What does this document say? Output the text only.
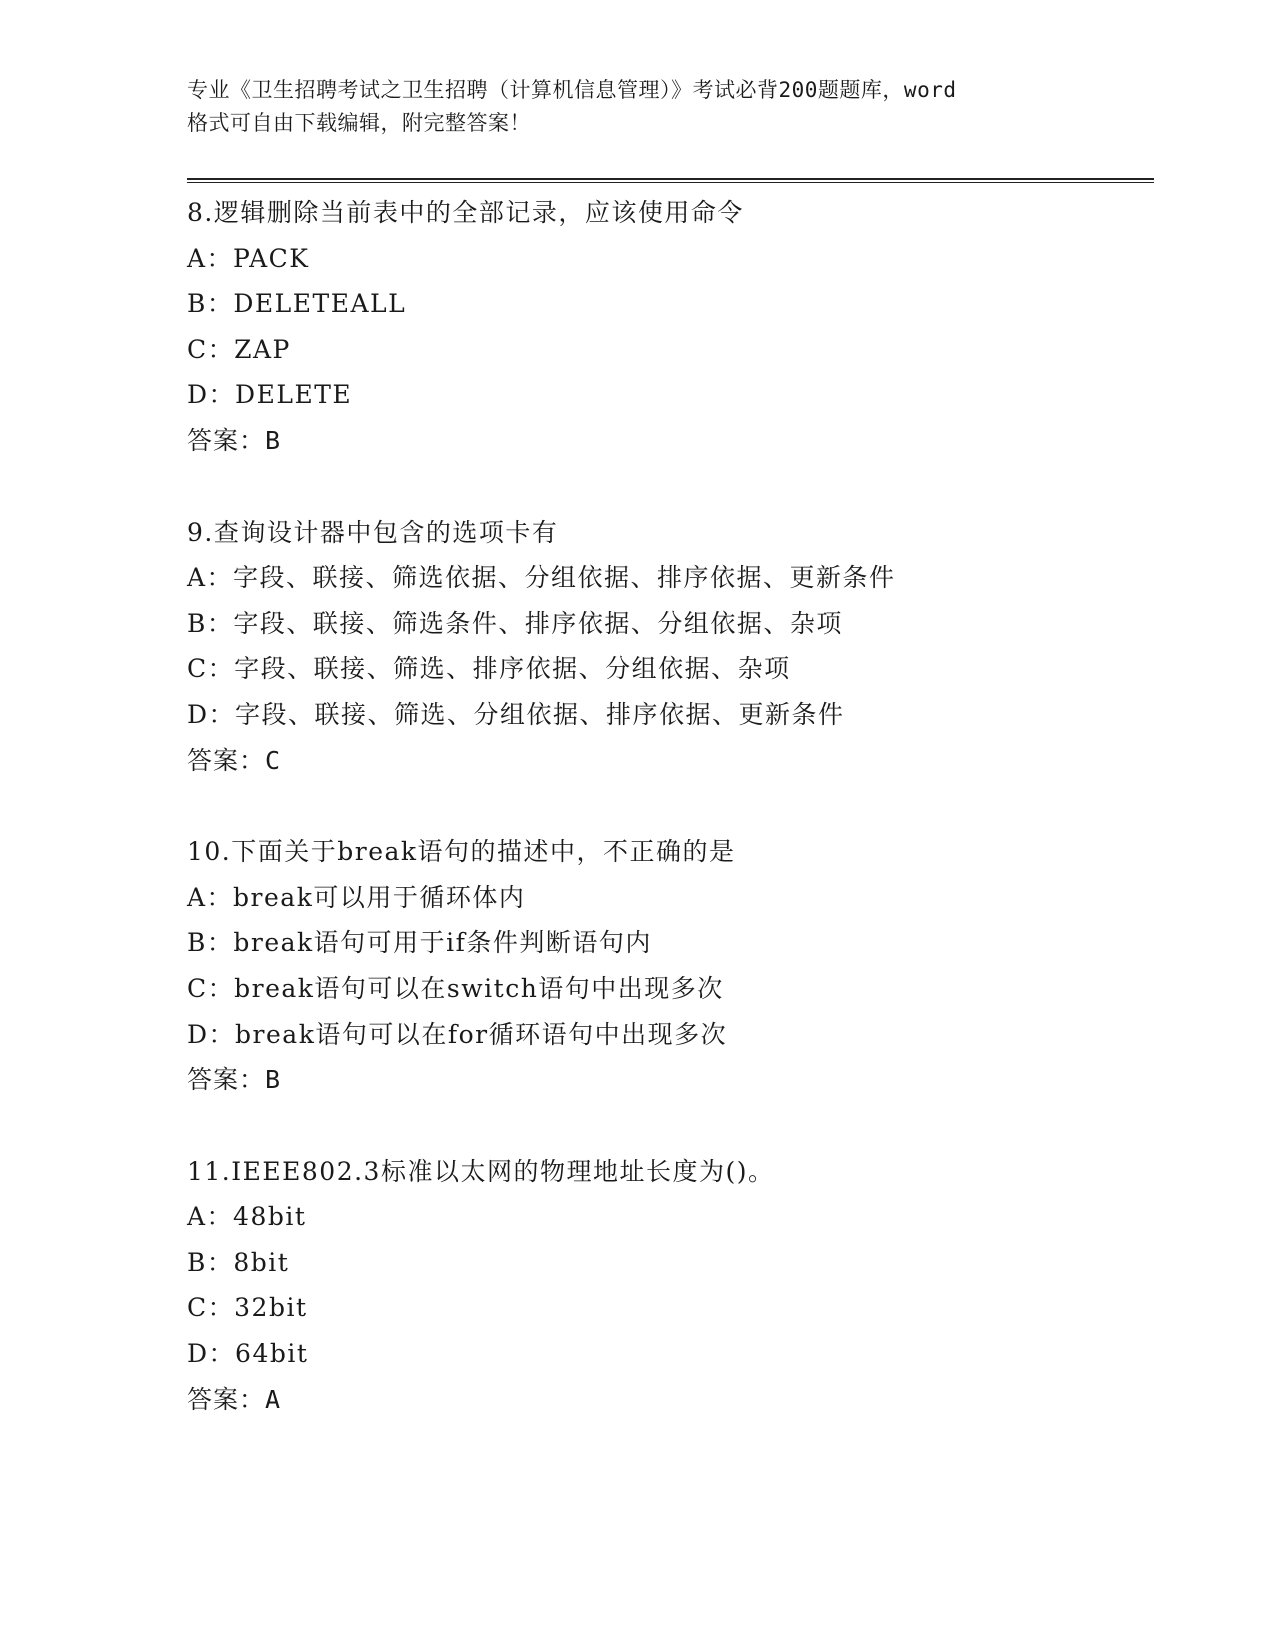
专业《卫生招聘考试之卫生招聘（计算机信息管理）》考试必背200题题库，word
格式可自由下载编辑，附完整答案！
8.逻辑删除当前表中的全部记录，应该使用命令
A：PACK
B：DELETEALL
C：ZAP
D：DELETE
答案：B
9.查询设计器中包含的选项卡有
A：字段、联接、筛选依据、分组依据、排序依据、更新条件
B：字段、联接、筛选条件、排序依据、分组依据、杂项
C：字段、联接、筛选、排序依据、分组依据、杂项
D：字段、联接、筛选、分组依据、排序依据、更新条件
答案：C
10.下面关于break语句的描述中，不正确的是
A：break可以用于循环体内
B：break语句可用于if条件判断语句内
C：break语句可以在switch语句中出现多次
D：break语句可以在for循环语句中出现多次
答案：B
11.IEEE802.3标准以太网的物理地址长度为()。
A：48bit
B：8bit
C：32bit
D：64bit
答案：A
